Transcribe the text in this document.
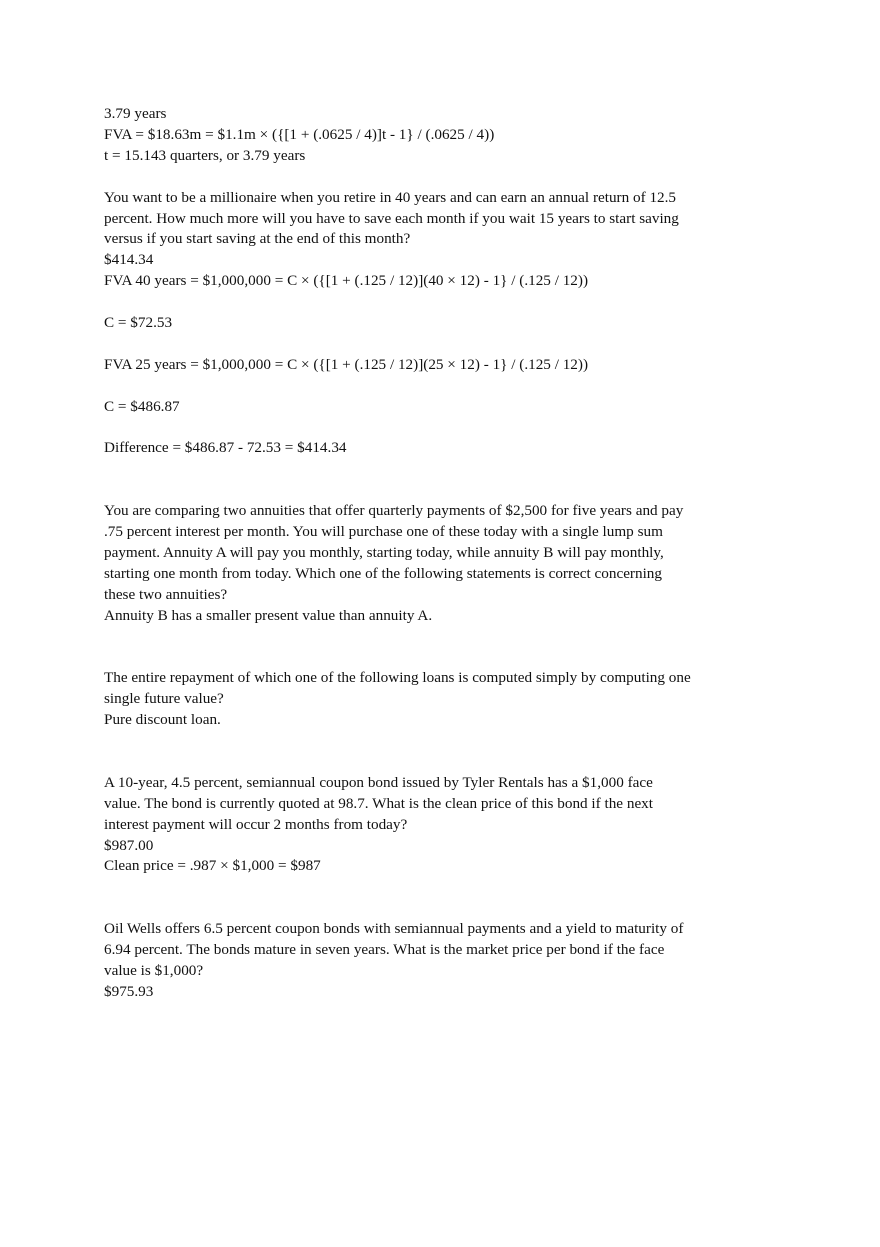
3.79 years
FVA = $18.63m = $1.1m × ({[1 + (.0625 / 4)]t - 1} / (.0625 / 4))
t = 15.143 quarters, or 3.79 years
You want to be a millionaire when you retire in 40 years and can earn an annual return of 12.5
percent. How much more will you have to save each month if you wait 15 years to start saving
versus if you start saving at the end of this month?
$414.34
FVA 40 years = $1,000,000 = C × ({[1 + (.125 / 12)](40 × 12) - 1} / (.125 / 12))
C = $72.53
FVA 25 years = $1,000,000 = C × ({[1 + (.125 / 12)](25 × 12) - 1} / (.125 / 12))
C = $486.87
Difference = $486.87 - 72.53 = $414.34
You are comparing two annuities that offer quarterly payments of $2,500 for five years and pay
.75 percent interest per month. You will purchase one of these today with a single lump sum
payment. Annuity A will pay you monthly, starting today, while annuity B will pay monthly,
starting one month from today. Which one of the following statements is correct concerning
these two annuities?
Annuity B has a smaller present value than annuity A.
The entire repayment of which one of the following loans is computed simply by computing one
single future value?
Pure discount loan.
A 10-year, 4.5 percent, semiannual coupon bond issued by Tyler Rentals has a $1,000 face
value. The bond is currently quoted at 98.7. What is the clean price of this bond if the next
interest payment will occur 2 months from today?
$987.00
Clean price = .987 × $1,000 = $987
Oil Wells offers 6.5 percent coupon bonds with semiannual payments and a yield to maturity of
6.94 percent. The bonds mature in seven years. What is the market price per bond if the face
value is $1,000?
$975.93
